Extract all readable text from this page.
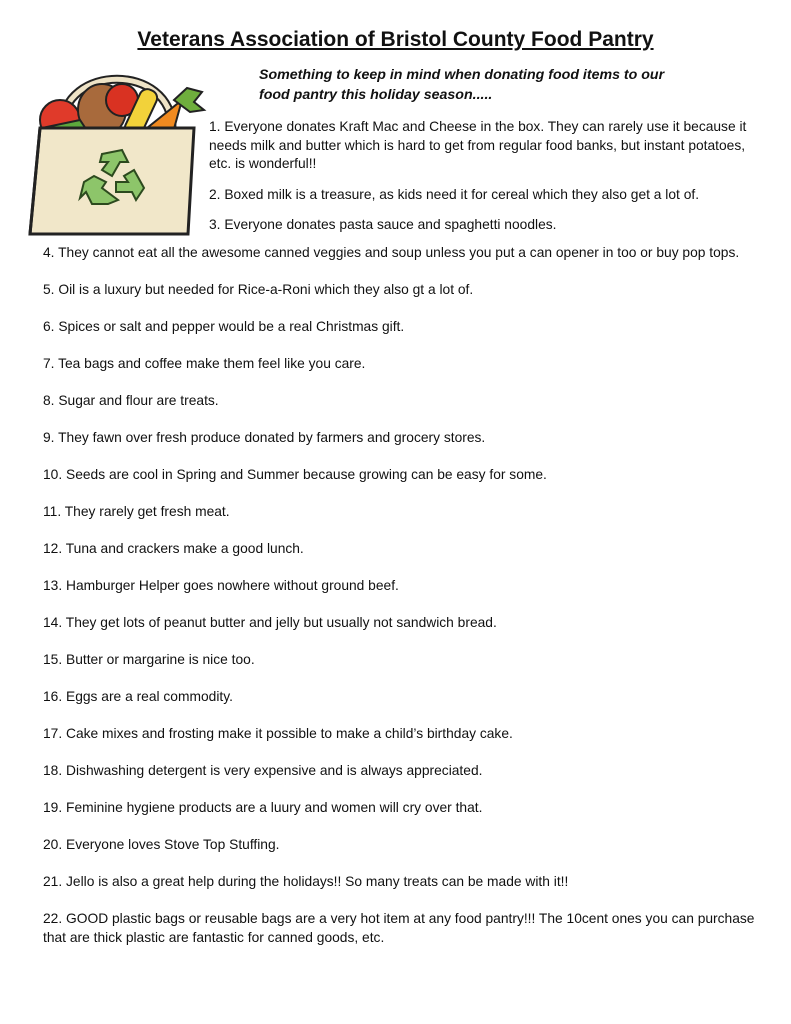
Veterans Association of Bristol County Food Pantry
Something to keep in mind when donating food items to our food pantry this holiday season.....

1. Everyone donates Kraft Mac and Cheese in the box. They can rarely use it because it needs milk and butter which is hard to get from regular food banks, but instant potatoes, etc. is wonderful!!

2. Boxed milk is a treasure, as kids need it for cereal which they also get a lot of.

3. Everyone donates pasta sauce and spaghetti noodles.

4. They cannot eat all the awesome canned veggies and soup unless you put a can opener in too or buy pop tops.

5. Oil is a luxury but needed for Rice-a-Roni which they also gt a lot of.

6. Spices or salt and pepper would be a real Christmas gift.

7. Tea bags and coffee make them feel like you care.

8. Sugar and flour are treats.

9. They fawn over fresh produce donated by farmers and grocery stores.

10. Seeds are cool in Spring and Summer because growing can be easy for some.

11. They rarely get fresh meat.

12. Tuna and crackers make a good lunch.

13. Hamburger Helper goes nowhere without ground beef.

14. They get lots of peanut butter and jelly but usually not sandwich bread.

15. Butter or margarine is nice too.

16. Eggs are a real commodity.

17. Cake mixes and frosting make it possible to make a child’s birthday cake.

18. Dishwashing detergent is very expensive and is always appreciated.

19. Feminine hygiene products are a luury and women will cry over that.

20. Everyone loves Stove Top Stuffing.

21. Jello is also a great help during the holidays!! So many treats can be made with it!!

22. GOOD plastic bags or reusable bags are a very hot item at any food pantry!!! The 10cent ones you can purchase that are thick plastic are fantastic for canned goods, etc.
